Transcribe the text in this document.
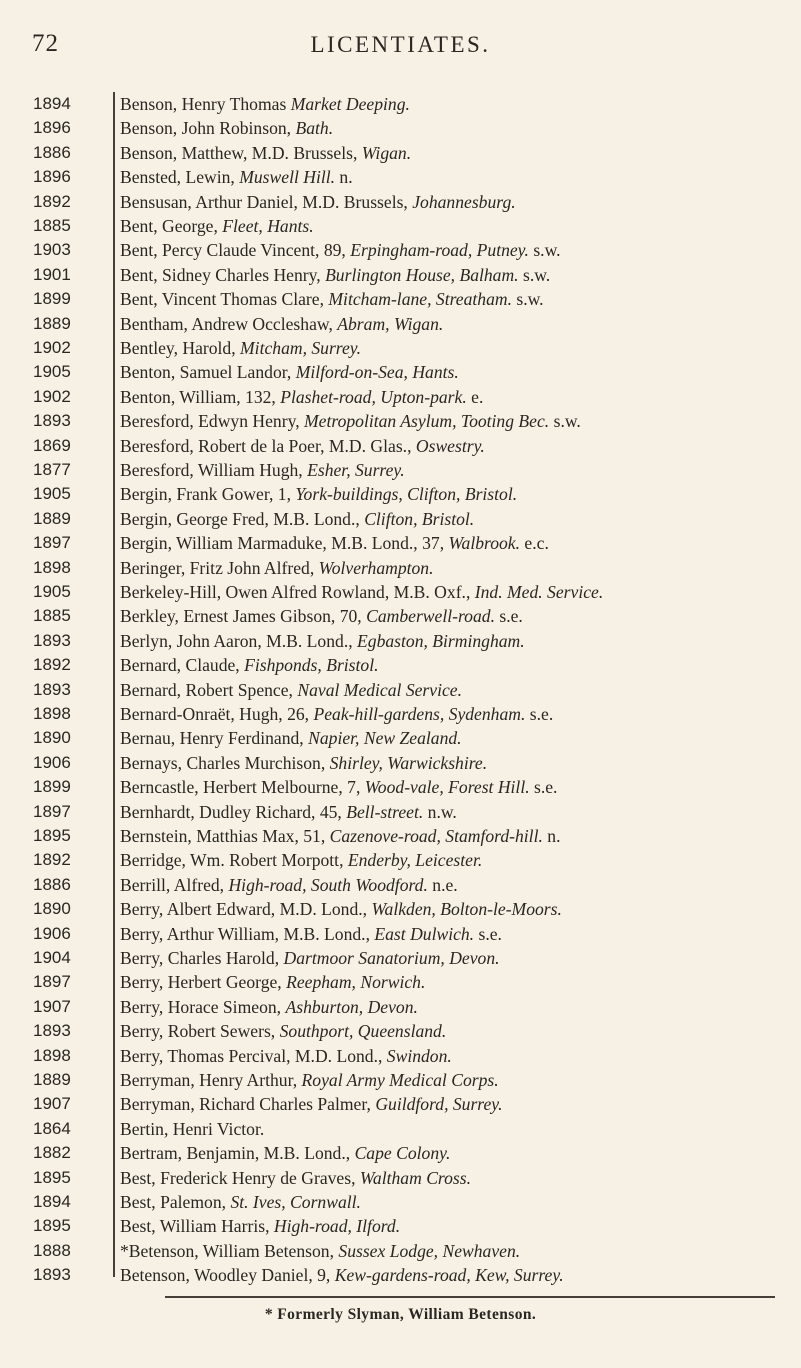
72	LICENTIATES.
1894	Benson, Henry Thomas Market Deeping.
1896	Benson, John Robinson, Bath.
1886	Benson, Matthew, M.D. Brussels, Wigan.
1896	Bensted, Lewin, Muswell Hill. n.
1892	Bensusan, Arthur Daniel, M.D. Brussels, Johannesburg.
1885	Bent, George, Fleet, Hants.
1903	Bent, Percy Claude Vincent, 89, Erpingham-road, Putney. s.w.
1901	Bent, Sidney Charles Henry, Burlington House, Balham. s.w.
1899	Bent, Vincent Thomas Clare, Mitcham-lane, Streatham. s.w.
1889	Bentham, Andrew Occleshaw, Abram, Wigan.
1902	Bentley, Harold, Mitcham, Surrey.
1905	Benton, Samuel Landor, Milford-on-Sea, Hants.
1902	Benton, William, 132, Plashet-road, Upton-park. e.
1893	Beresford, Edwyn Henry, Metropolitan Asylum, Tooting Bec. s.w.
1869	Beresford, Robert de la Poer, M.D. Glas., Oswestry.
1877	Beresford, William Hugh, Esher, Surrey.
1905	Bergin, Frank Gower, 1, York-buildings, Clifton, Bristol.
1889	Bergin, George Fred, M.B. Lond., Clifton, Bristol.
1897	Bergin, William Marmaduke, M.B. Lond., 37, Walbrook. e.c.
1898	Beringer, Fritz John Alfred, Wolverhampton.
1905	Berkeley-Hill, Owen Alfred Rowland, M.B. Oxf., Ind. Med. Service.
1885	Berkley, Ernest James Gibson, 70, Camberwell-road. s.e.
1893	Berlyn, John Aaron, M.B. Lond., Egbaston, Birmingham.
1892	Bernard, Claude, Fishponds, Bristol.
1893	Bernard, Robert Spence, Naval Medical Service.
1898	Bernard-Onraët, Hugh, 26, Peak-hill-gardens, Sydenham. s.e.
1890	Bernau, Henry Ferdinand, Napier, New Zealand.
1906	Bernays, Charles Murchison, Shirley, Warwickshire.
1899	Berncastle, Herbert Melbourne, 7, Wood-vale, Forest Hill. s.e.
1897	Bernhardt, Dudley Richard, 45, Bell-street. n.w.
1895	Bernstein, Matthias Max, 51, Cazenove-road, Stamford-hill. n.
1892	Berridge, Wm. Robert Morpott, Enderby, Leicester.
1886	Berrill, Alfred, High-road, South Woodford. n.e.
1890	Berry, Albert Edward, M.D. Lond., Walkden, Bolton-le-Moors.
1906	Berry, Arthur William, M.B. Lond., East Dulwich. s.e.
1904	Berry, Charles Harold, Dartmoor Sanatorium, Devon.
1897	Berry, Herbert George, Reepham, Norwich.
1907	Berry, Horace Simeon, Ashburton, Devon.
1893	Berry, Robert Sewers, Southport, Queensland.
1898	Berry, Thomas Percival, M.D. Lond., Swindon.
1889	Berryman, Henry Arthur, Royal Army Medical Corps.
1907	Berryman, Richard Charles Palmer, Guildford, Surrey.
1864	Bertin, Henri Victor.
1882	Bertram, Benjamin, M.B. Lond., Cape Colony.
1895	Best, Frederick Henry de Graves, Waltham Cross.
1894	Best, Palemon, St. Ives, Cornwall.
1895	Best, William Harris, High-road, Ilford.
1888	*Betenson, William Betenson, Sussex Lodge, Newhaven.
1893	Betenson, Woodley Daniel, 9, Kew-gardens-road, Kew, Surrey.
* Formerly Slyman, William Betenson.
